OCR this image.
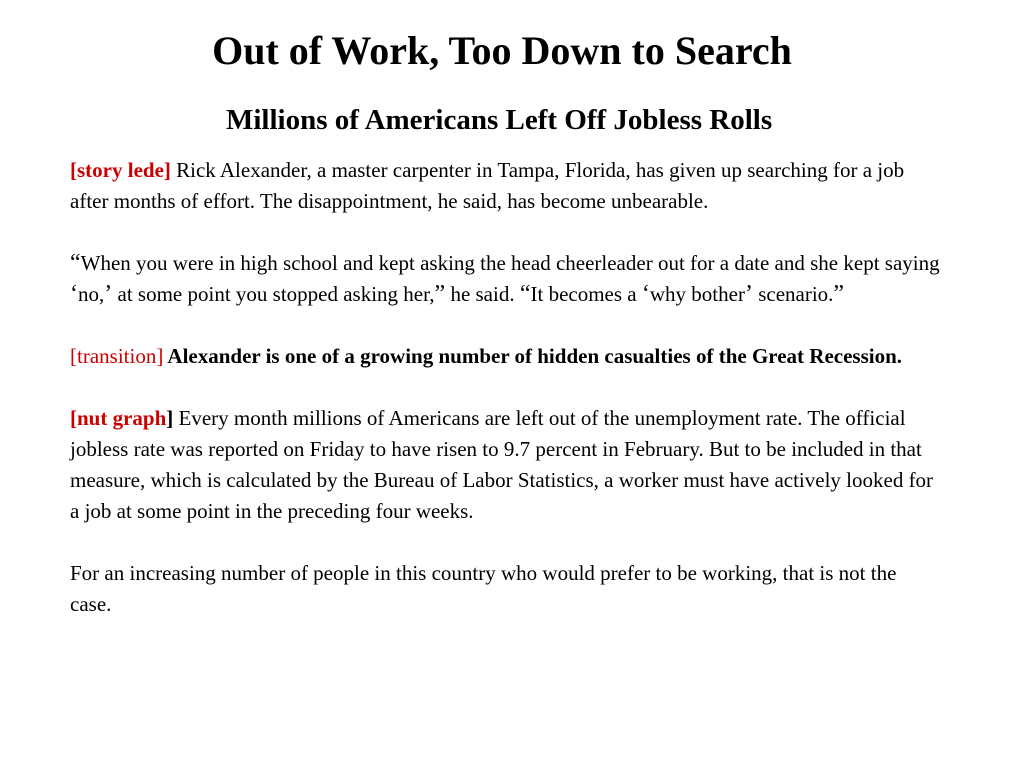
Out of Work, Too Down to Search
Millions of Americans Left Off Jobless Rolls

[story lede] Rick Alexander, a master carpenter in Tampa, Florida, has given up searching for a job after months of effort. The disappointment, he said, has become unbearable.

“When you were in high school and kept asking the head cheerleader out for a date and she kept saying ‘no,’ at some point you stopped asking her,” he said. “It becomes a ‘why bother’ scenario.”

[transition] Alexander is one of a growing number of hidden casualties of the Great Recession.

[nut graph] Every month millions of Americans are left out of the unemployment rate. The official jobless rate was reported on Friday to have risen to 9.7 percent in February. But to be included in that measure, which is calculated by the Bureau of Labor Statistics, a worker must have actively looked for a job at some point in the preceding four weeks.

For an increasing number of people in this country who would prefer to be working, that is not the case.
